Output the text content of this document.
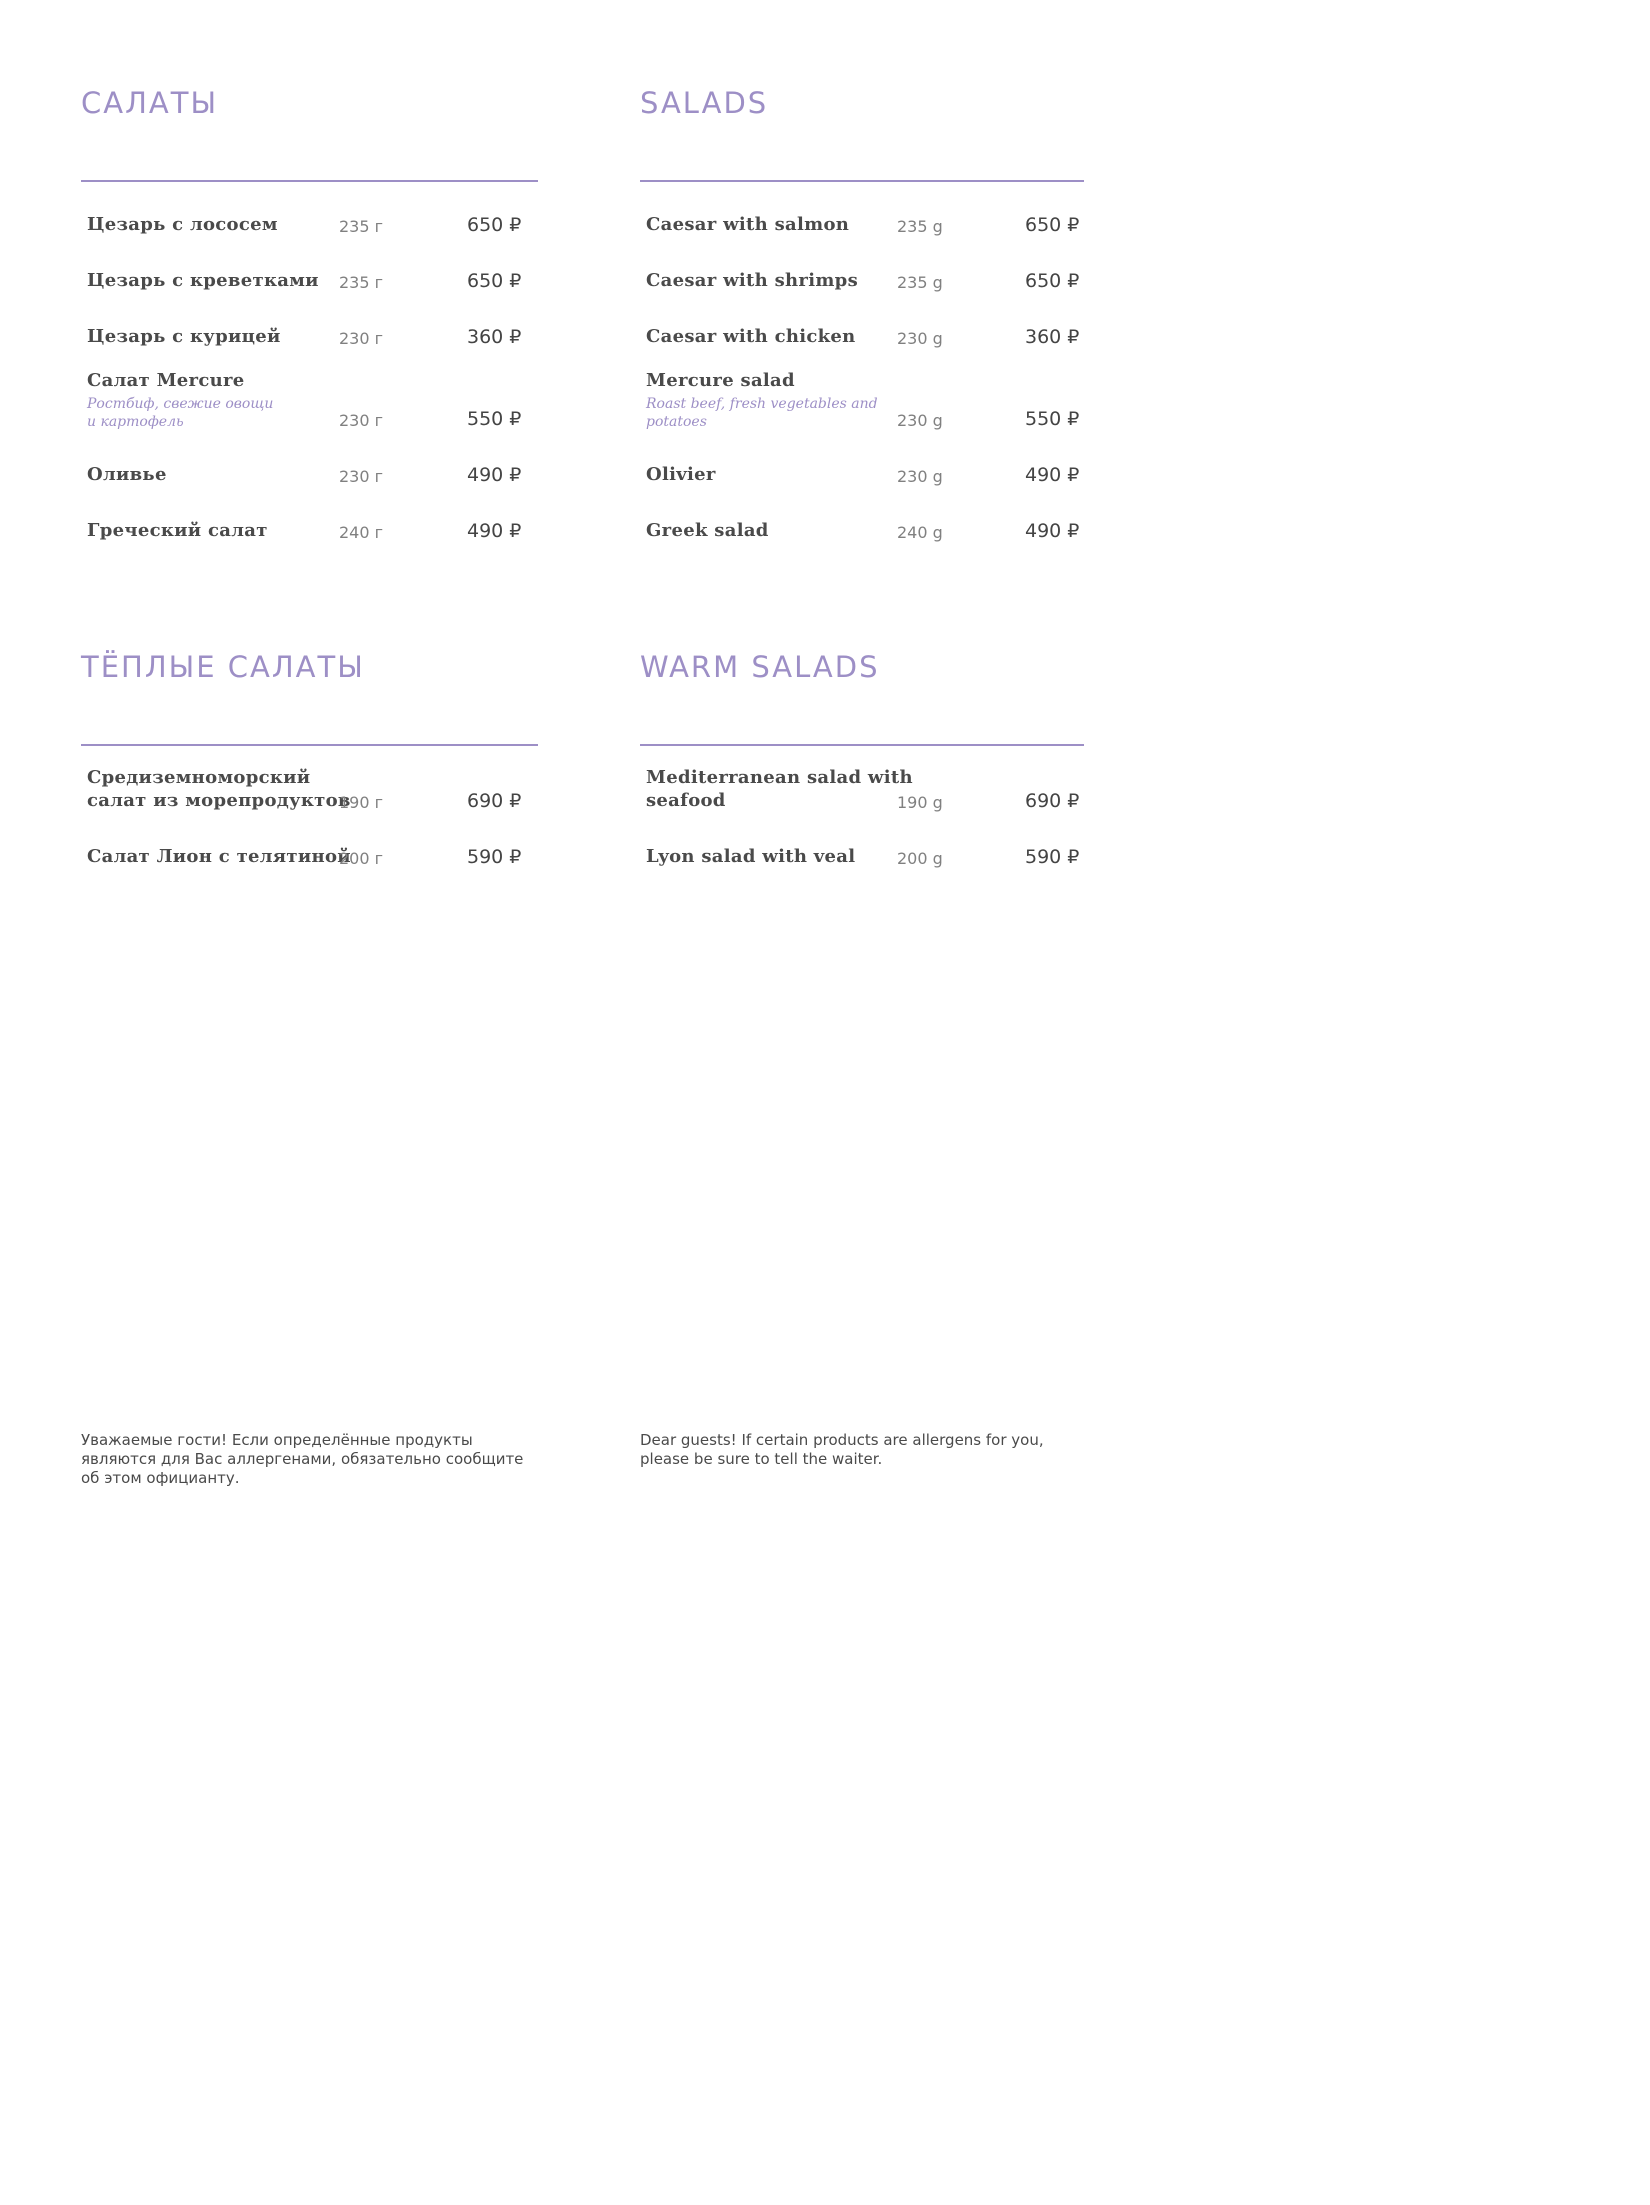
САЛАТЫ
Цезарь с лососем	235 г	650 ₽
Цезарь с креветками 235 г	650 ₽
Цезарь с курицей	230 г	360 ₽
Салат Mercure
Ростбиф, свежие овощи
и картофель	230 г	550 ₽
Оливье	230 г	490 ₽
Греческий салат	240 г	490 ₽
ТЁПЛЫЕ САЛАТЫ
Средиземноморский
салат из морепродуктов
190 г	690 ₽
Салат Лион с телятиной
200 г	590 ₽

Уважаемые гости! Если определённые продукты
являются для Вас аллергенами, обязательно сообщите
об этом официанту.

SALADS
Caesar with salmon	235 g	650 ₽
Caesar with shrimps 235 g	650 ₽
Caesar with chicken	230 g	360 ₽
Mercure salad
Roast beef, fresh vegetables and
potatoes	230 g	550 ₽
Olivier	230 g	490 ₽
Greek salad	240 g	490 ₽
WARM SALADS
Mediterranean salad with
seafood	190 g	690 ₽
Lyon salad with veal	200 g	590 ₽

Dear guests! If certain products are allergens for you,
please be sure to tell the waiter.
